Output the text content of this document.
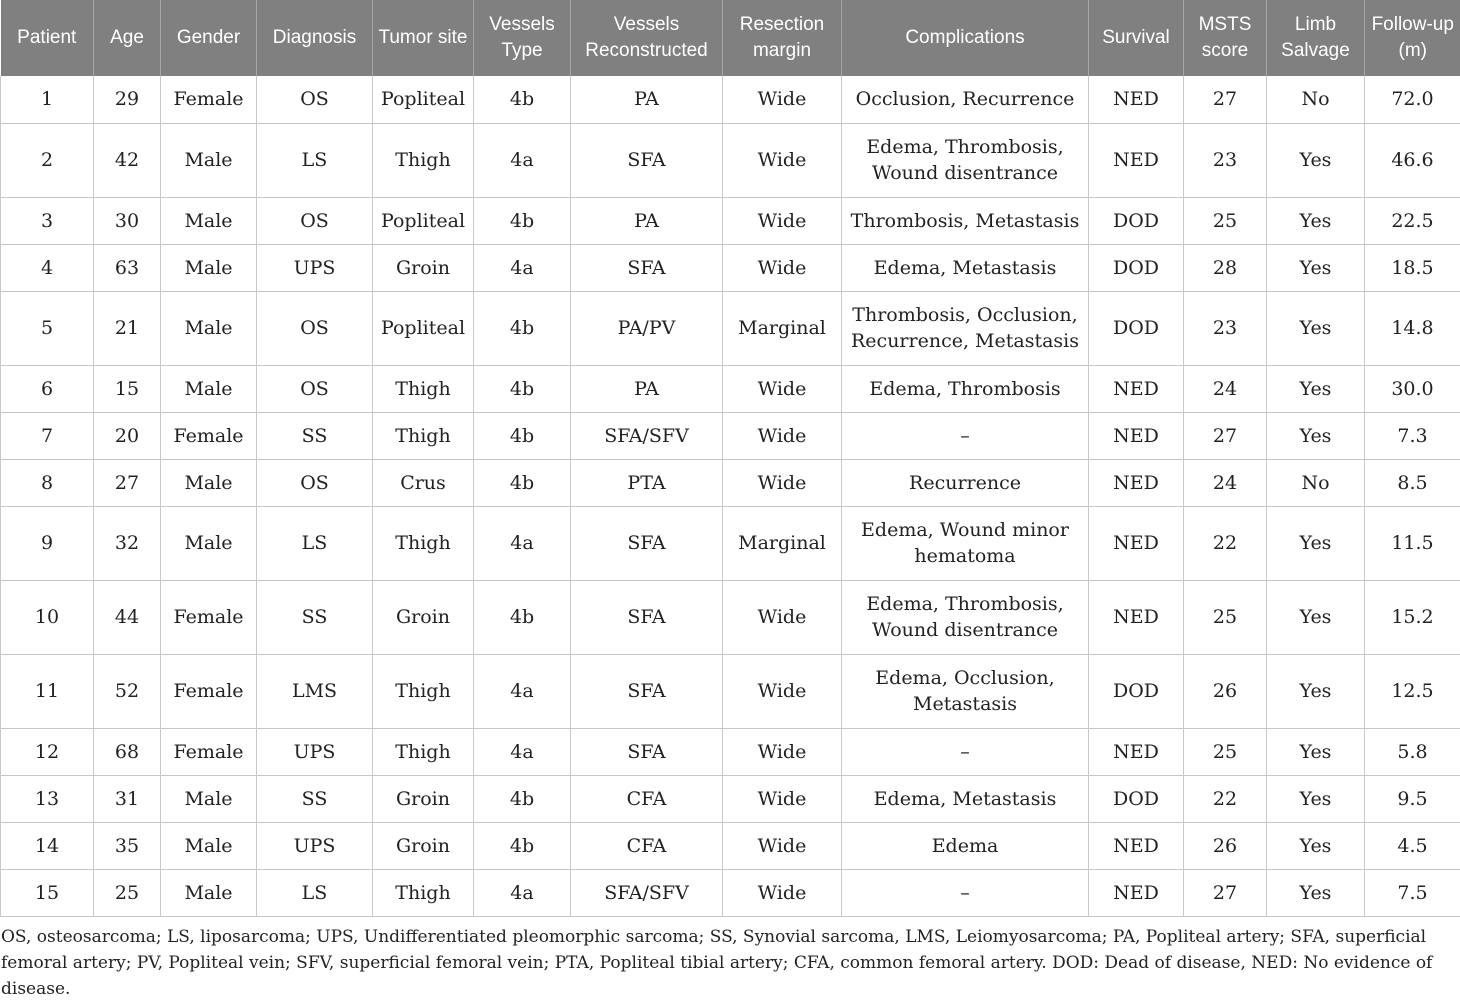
Patient	Age	Gender	Diagnosis	Tumor site	Vessels Type	Vessels Reconstructed	Resection margin	Complications	Survival	MSTS score	Limb Salvage	Follow-up (m)
1	29	Female	OS	Popliteal	4b	PA	Wide	Occlusion, Recurrence	NED	27	No	72.0
2	42	Male	LS	Thigh	4a	SFA	Wide	Edema, Thrombosis, Wound disentrance	NED	23	Yes	46.6
3	30	Male	OS	Popliteal	4b	PA	Wide	Thrombosis, Metastasis	DOD	25	Yes	22.5
4	63	Male	UPS	Groin	4a	SFA	Wide	Edema, Metastasis	DOD	28	Yes	18.5
5	21	Male	OS	Popliteal	4b	PA/PV	Marginal	Thrombosis, Occlusion, Recurrence, Metastasis	DOD	23	Yes	14.8
6	15	Male	OS	Thigh	4b	PA	Wide	Edema, Thrombosis	NED	24	Yes	30.0
7	20	Female	SS	Thigh	4b	SFA/SFV	Wide	–	NED	27	Yes	7.3
8	27	Male	OS	Crus	4b	PTA	Wide	Recurrence	NED	24	No	8.5
9	32	Male	LS	Thigh	4a	SFA	Marginal	Edema, Wound minor hematoma	NED	22	Yes	11.5
10	44	Female	SS	Groin	4b	SFA	Wide	Edema, Thrombosis, Wound disentrance	NED	25	Yes	15.2
11	52	Female	LMS	Thigh	4a	SFA	Wide	Edema, Occlusion, Metastasis	DOD	26	Yes	12.5
12	68	Female	UPS	Thigh	4a	SFA	Wide	–	NED	25	Yes	5.8
13	31	Male	SS	Groin	4b	CFA	Wide	Edema, Metastasis	DOD	22	Yes	9.5
14	35	Male	UPS	Groin	4b	CFA	Wide	Edema	NED	26	Yes	4.5
15	25	Male	LS	Thigh	4a	SFA/SFV	Wide	–	NED	27	Yes	7.5

OS, osteosarcoma; LS, liposarcoma; UPS, Undifferentiated pleomorphic sarcoma; SS, Synovial sarcoma, LMS, Leiomyosarcoma; PA, Popliteal artery; SFA, superficial femoral artery; PV, Popliteal vein; SFV, superficial femoral vein; PTA, Popliteal tibial artery; CFA, common femoral artery. DOD: Dead of disease, NED: No evidence of disease.
